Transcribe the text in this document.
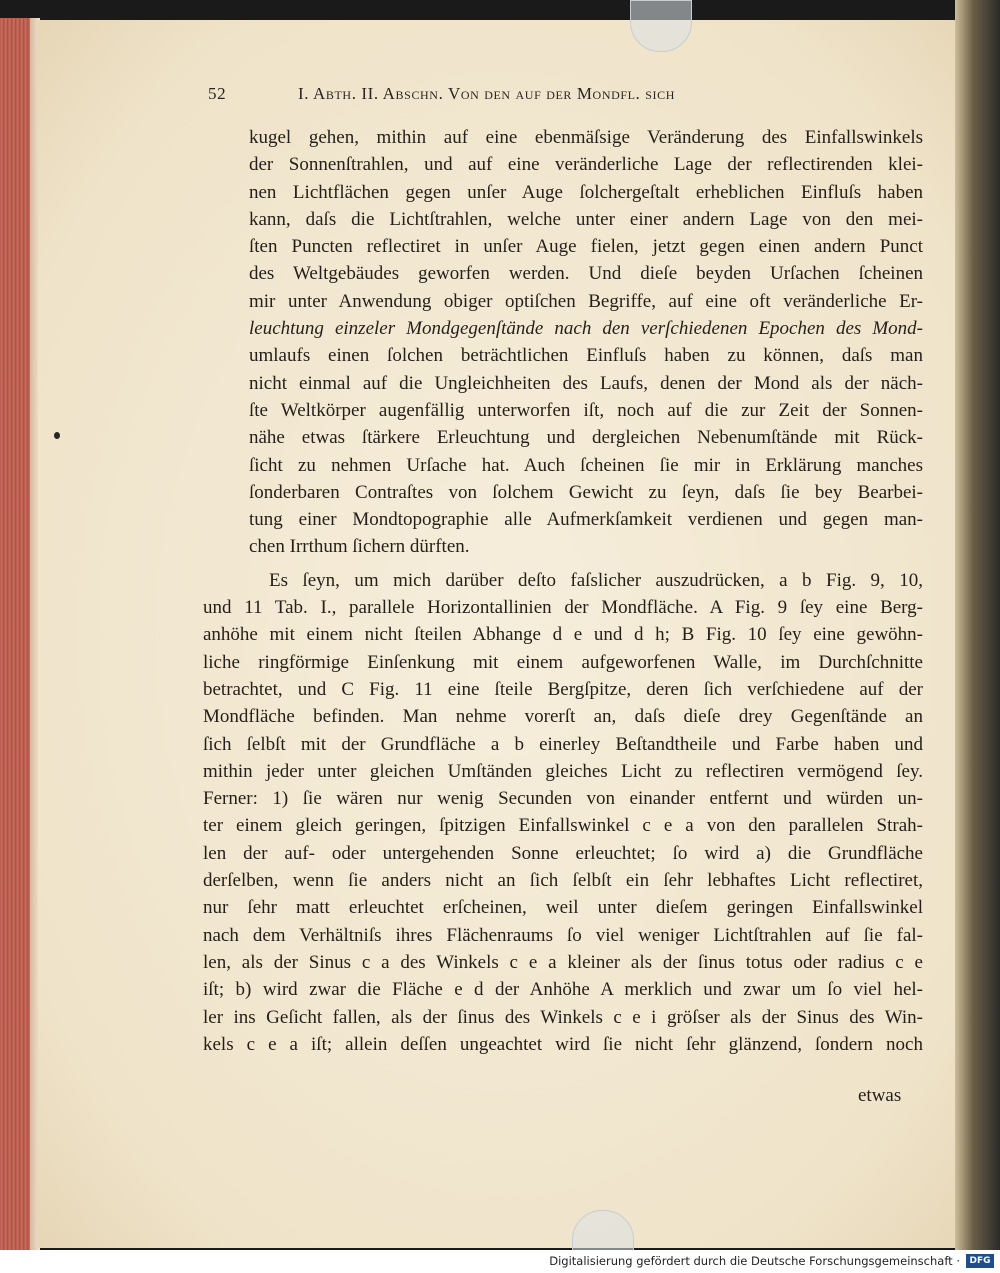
52	I. Abth. II. Abschn. Von den auf der Mondfl. sich
kugel gehen, mithin auf eine ebenmäſsige Veränderung des Einfallswinkels
der Sonnenſtrahlen, und auf eine veränderliche Lage der reflectirenden klei-
nen Lichtflächen gegen unſer Auge ſolchergeſtalt erheblichen Einfluſs haben
kann, daſs die Lichtſtrahlen, welche unter einer andern Lage von den mei-
ſten Puncten reflectiret in unſer Auge fielen, jetzt gegen einen andern Punct
des Weltgebäudes geworfen werden. Und dieſe beyden Urſachen ſcheinen
mir unter Anwendung obiger optiſchen Begriffe, auf eine oft veränderliche Er-
leuchtung einzeler Mondgegenſtände nach den verſchiedenen Epochen des Mond-
umlaufs einen ſolchen beträchtlichen Einfluſs haben zu können, daſs man
nicht einmal auf die Ungleichheiten des Laufs, denen der Mond als der näch-
ſte Weltkörper augenfällig unterworfen iſt, noch auf die zur Zeit der Sonnen-
nähe etwas ſtärkere Erleuchtung und dergleichen Nebenumſtände mit Rück-
ſicht zu nehmen Urſache hat. Auch ſcheinen ſie mir in Erklärung manches
ſonderbaren Contraſtes von ſolchem Gewicht zu ſeyn, daſs ſie bey Bearbei-
tung einer Mondtopographie alle Aufmerkſamkeit verdienen und gegen man-
chen Irrthum ſichern dürften.
Es ſeyn, um mich darüber deſto faſslicher auszudrücken, a b Fig. 9, 10,
und 11 Tab. I., parallele Horizontallinien der Mondfläche. A Fig. 9 ſey eine Berg-
anhöhe mit einem nicht ſteilen Abhange d e und d h; B Fig. 10 ſey eine gewöhn-
liche ringförmige Einſenkung mit einem aufgeworfenen Walle, im Durchſchnitte
betrachtet, und C Fig. 11 eine ſteile Bergſpitze, deren ſich verſchiedene auf der
Mondfläche befinden. Man nehme vorerſt an, daſs dieſe drey Gegenſtände an
ſich ſelbſt mit der Grundfläche a b einerley Beſtandtheile und Farbe haben und
mithin jeder unter gleichen Umſtänden gleiches Licht zu reflectiren vermögend ſey.
Ferner: 1) ſie wären nur wenig Secunden von einander entfernt und würden un-
ter einem gleich geringen, ſpitzigen Einfallswinkel c e a von den parallelen Strah-
len der auf- oder untergehenden Sonne erleuchtet; ſo wird a) die Grundfläche
derſelben, wenn ſie anders nicht an ſich ſelbſt ein ſehr lebhaftes Licht reflectiret,
nur ſehr matt erleuchtet erſcheinen, weil unter dieſem geringen Einfallswinkel
nach dem Verhältniſs ihres Flächenraums ſo viel weniger Lichtſtrahlen auf ſie fal-
len, als der Sinus c a des Winkels c e a kleiner als der ſinus totus oder radius c e
iſt; b) wird zwar die Fläche e d der Anhöhe A merklich und zwar um ſo viel hel-
ler ins Geſicht fallen, als der ſinus des Winkels c e i gröſser als der Sinus des Win-
kels c e a iſt; allein deſſen ungeachtet wird ſie nicht ſehr glänzend, ſondern noch
etwas
Digitalisierung gefördert durch die Deutsche Forschungsgemeinschaft ·	DFG
